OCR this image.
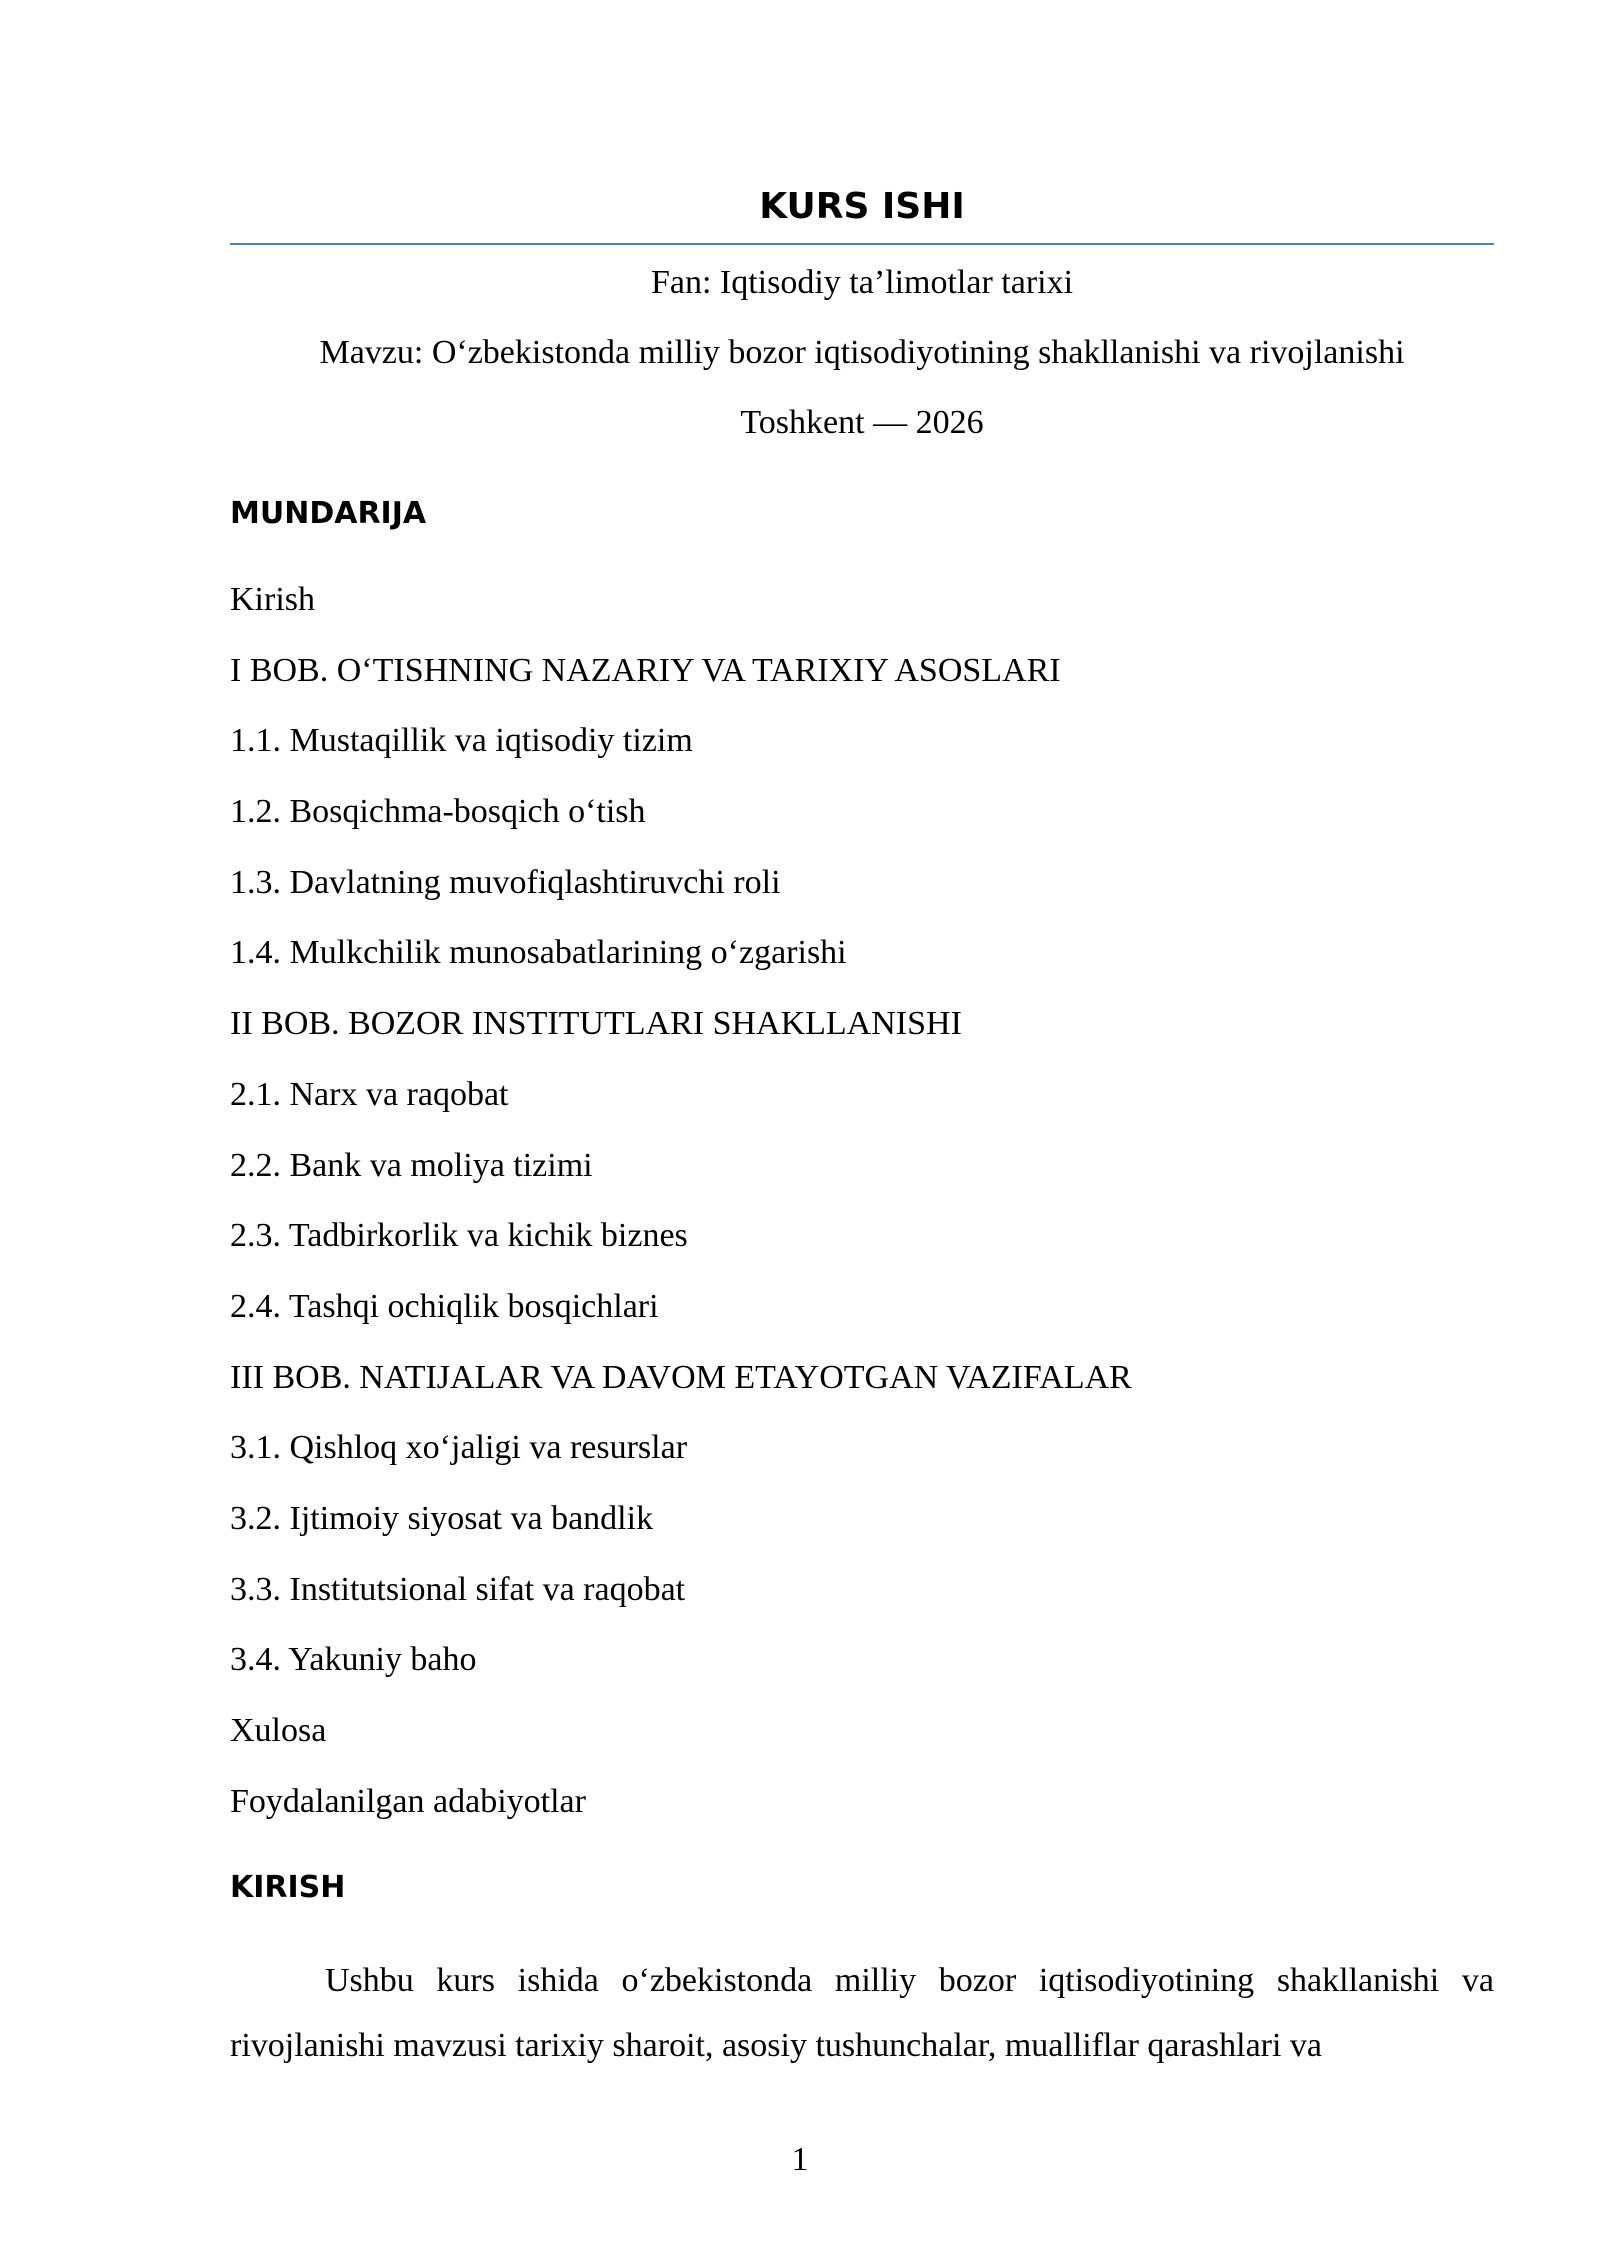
KURS ISHI
Fan: Iqtisodiy ta’limotlar tarixi
Mavzu: O‘zbekistonda milliy bozor iqtisodiyotining shakllanishi va rivojlanishi
Toshkent — 2026
MUNDARIJA
Kirish
I BOB. O‘TISHNING NAZARIY VA TARIXIY ASOSLARI
1.1. Mustaqillik va iqtisodiy tizim
1.2. Bosqichma-bosqich o‘tish
1.3. Davlatning muvofiqlashtiruvchi roli
1.4. Mulkchilik munosabatlarining o‘zgarishi
II BOB. BOZOR INSTITUTLARI SHAKLLANISHI
2.1. Narx va raqobat
2.2. Bank va moliya tizimi
2.3. Tadbirkorlik va kichik biznes
2.4. Tashqi ochiqlik bosqichlari
III BOB. NATIJALAR VA DAVOM ETAYOTGAN VAZIFALAR
3.1. Qishloq xo‘jaligi va resurslar
3.2. Ijtimoiy siyosat va bandlik
3.3. Institutsional sifat va raqobat
3.4. Yakuniy baho
Xulosa
Foydalanilgan adabiyotlar
KIRISH

Ushbu kurs ishida o‘zbekistonda milliy bozor iqtisodiyotining shakllanishi va rivojlanishi mavzusi tarixiy sharoit, asosiy tushunchalar, mualliflar qarashlari va

1
